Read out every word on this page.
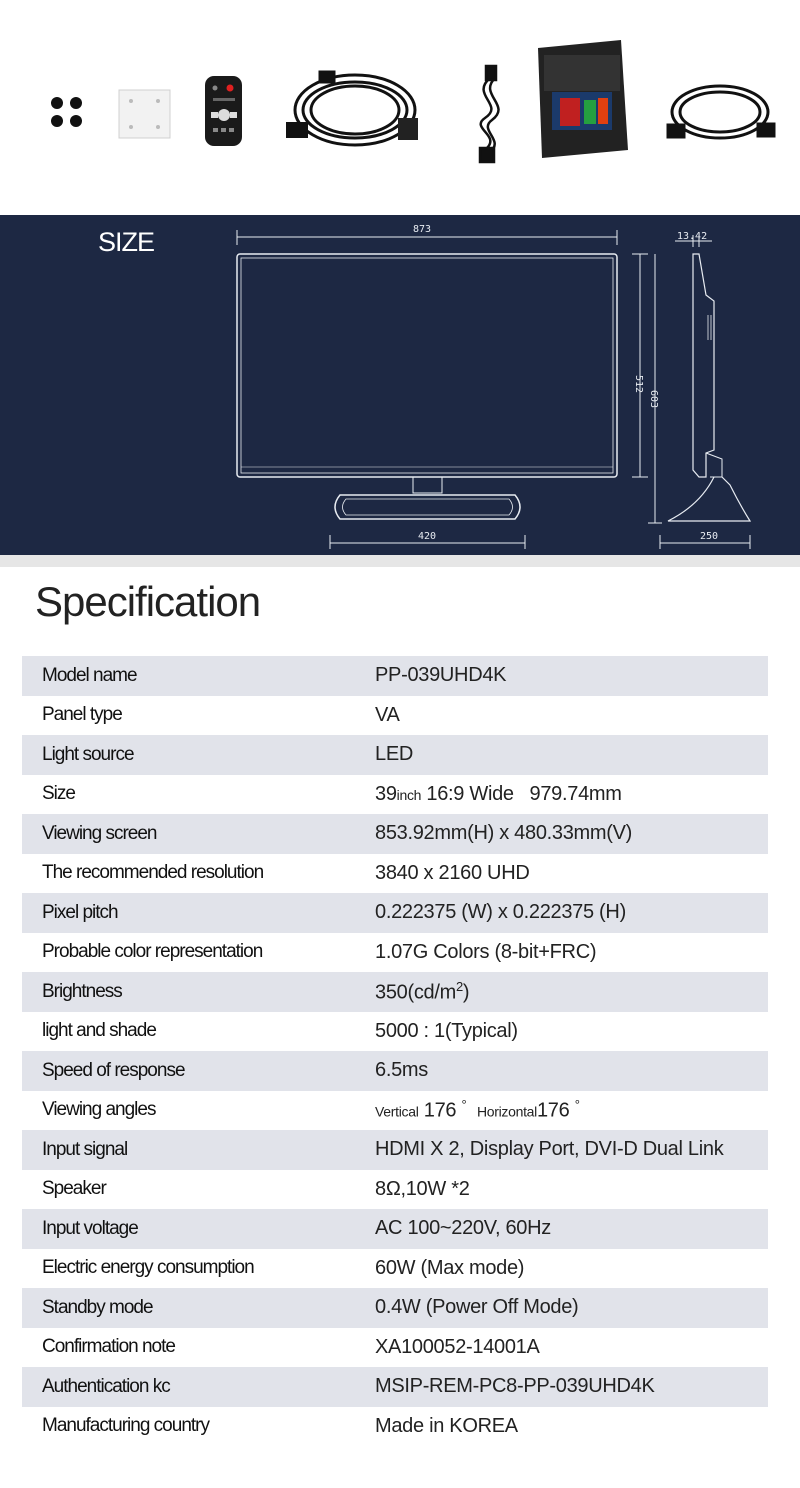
SIZE	873
420
13.42
250
512
603
Specification
Model name	PP-039UHD4K
Panel type	VA
Light source	LED
Size	39inch 16:9 Wide   979.74mm
Viewing screen	853.92mm(H) x 480.33mm(V)
The recommended resolution	3840 x 2160 UHD
Pixel pitch	0.222375 (W) x 0.222375 (H)
Probable color representation	1.07G Colors (8-bit+FRC)
Brightness	$350(cd/m^2)$
light and shade	5000 : 1(Typical)
Speed of response	6.5ms
Viewing angles	Vertical 176 ° Horizontal176 °
Input signal	HDMI X 2, Display Port, DVI-D Dual Link
Speaker	8Ω,10W *2
Input voltage	AC 100~220V, 60Hz
Electric energy consumption	60W (Max mode)
Standby mode	0.4W (Power Off Mode)
Confirmation note	XA100052-14001A
Authentication kc	MSIP-REM-PC8-PP-039UHD4K
Manufacturing country	Made in KOREA
